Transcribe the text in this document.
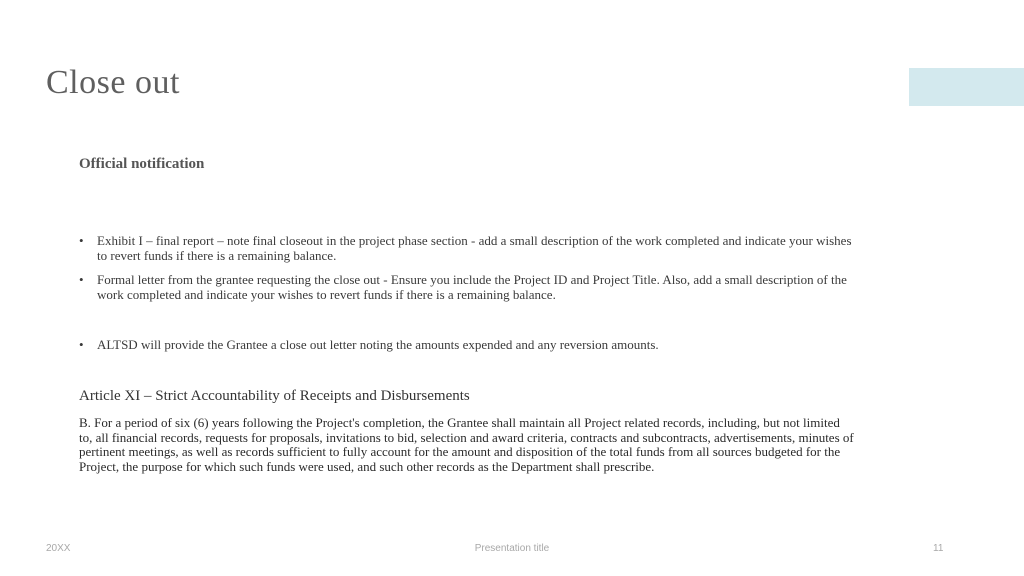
Close out
Official notification
• Exhibit I – final report – note final closeout in the project phase section - add a small description of the work completed and indicate your wishes to revert funds if there is a remaining balance.
• Formal letter from the grantee requesting the close out - Ensure you include the Project ID and Project Title. Also, add a small description of the work completed and indicate your wishes to revert funds if there is a remaining balance.
• ALTSD will provide the Grantee a close out letter noting the amounts expended and any reversion amounts.
Article XI – Strict Accountability of Receipts and Disbursements
B. For a period of six (6) years following the Project's completion, the Grantee shall maintain all Project related records, including, but not limited to, all financial records, requests for proposals, invitations to bid, selection and award criteria, contracts and subcontracts, advertisements, minutes of pertinent meetings, as well as records sufficient to fully account for the amount and disposition of the total funds from all sources budgeted for the Project, the purpose for which such funds were used, and such other records as the Department shall prescribe.
20XX	Presentation title	11
